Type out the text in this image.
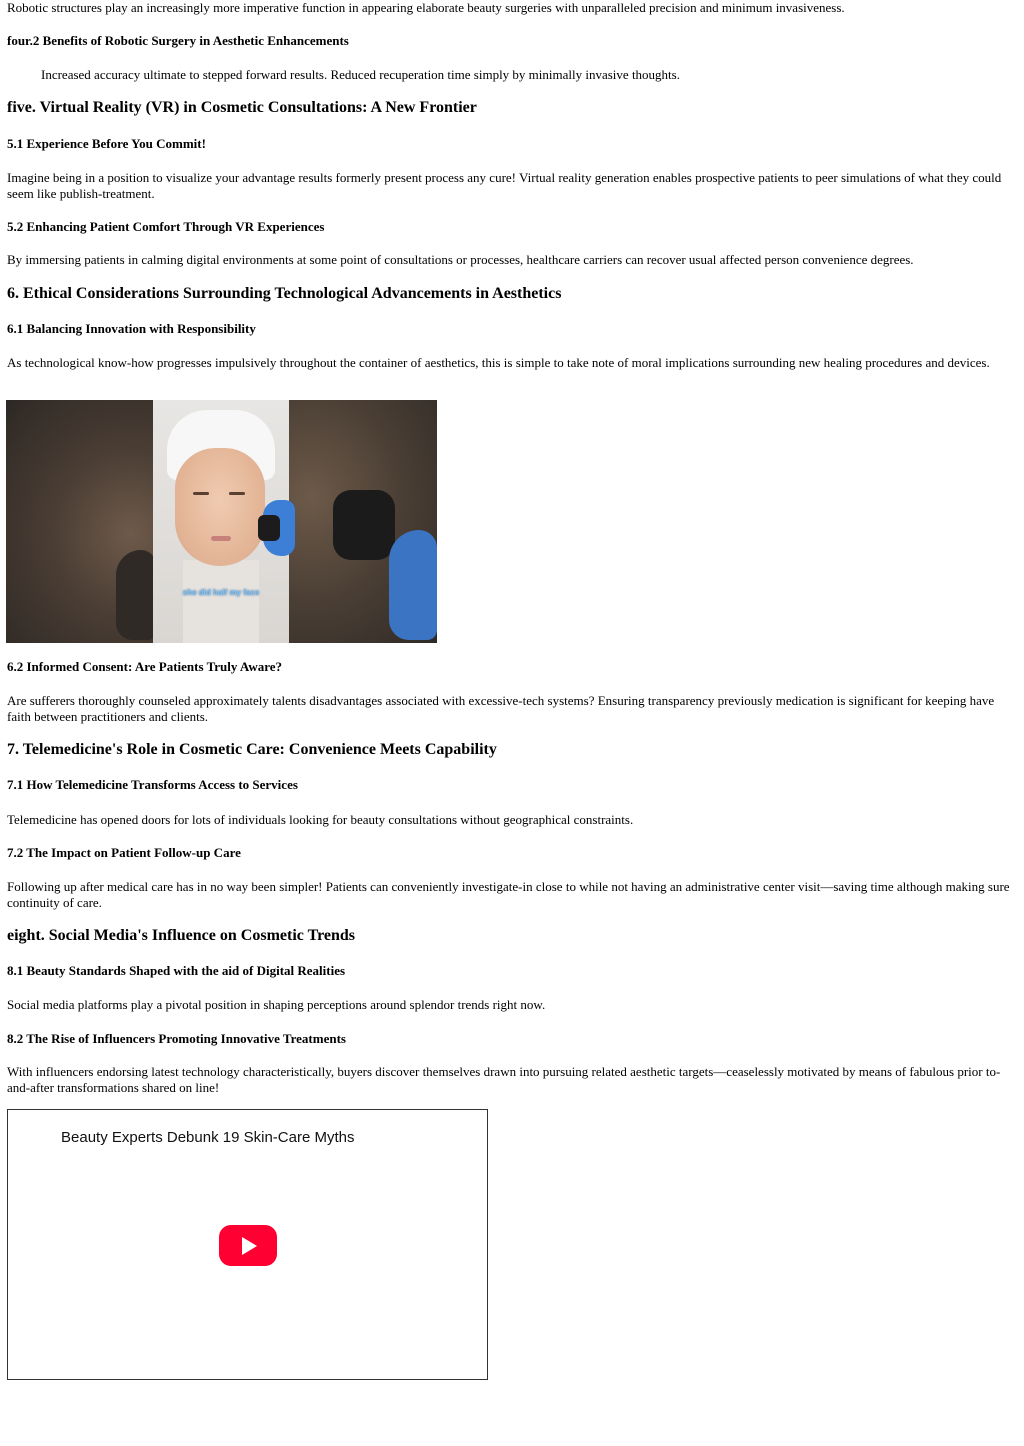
Robotic structures play an increasingly more imperative function in appearing elaborate beauty surgeries with unparalleled precision and minimum invasiveness.

four.2 Benefits of Robotic Surgery in Aesthetic Enhancements

Increased accuracy ultimate to stepped forward results. Reduced recuperation time simply by minimally invasive thoughts.

five. Virtual Reality (VR) in Cosmetic Consultations: A New Frontier

5.1 Experience Before You Commit!

Imagine being in a position to visualize your advantage results formerly present process any cure! Virtual reality generation enables prospective patients to peer simulations of what they could seem like publish-treatment.

5.2 Enhancing Patient Comfort Through VR Experiences

By immersing patients in calming digital environments at some point of consultations or processes, healthcare carriers can recover usual affected person convenience degrees.

6. Ethical Considerations Surrounding Technological Advancements in Aesthetics

6.1 Balancing Innovation with Responsibility

As technological know-how progresses impulsively throughout the container of aesthetics, this is simple to take note of moral implications surrounding new healing procedures and devices.

she did half my face

6.2 Informed Consent: Are Patients Truly Aware?

Are sufferers thoroughly counseled approximately talents disadvantages associated with excessive-tech systems? Ensuring transparency previously medication is significant for keeping have faith between practitioners and clients.

7. Telemedicine's Role in Cosmetic Care: Convenience Meets Capability

7.1 How Telemedicine Transforms Access to Services

Telemedicine has opened doors for lots of individuals looking for beauty consultations without geographical constraints.

7.2 The Impact on Patient Follow-up Care

Following up after medical care has in no way been simpler! Patients can conveniently investigate-in close to while not having an administrative center visit—saving time although making sure continuity of care.

eight. Social Media's Influence on Cosmetic Trends

8.1 Beauty Standards Shaped with the aid of Digital Realities

Social media platforms play a pivotal position in shaping perceptions around splendor trends right now.

8.2 The Rise of Influencers Promoting Innovative Treatments

With influencers endorsing latest technology characteristically, buyers discover themselves drawn into pursuing related aesthetic targets—ceaselessly motivated by means of fabulous prior to-and-after transformations shared on line!

Beauty Experts Debunk 19 Skin-Care Myths
